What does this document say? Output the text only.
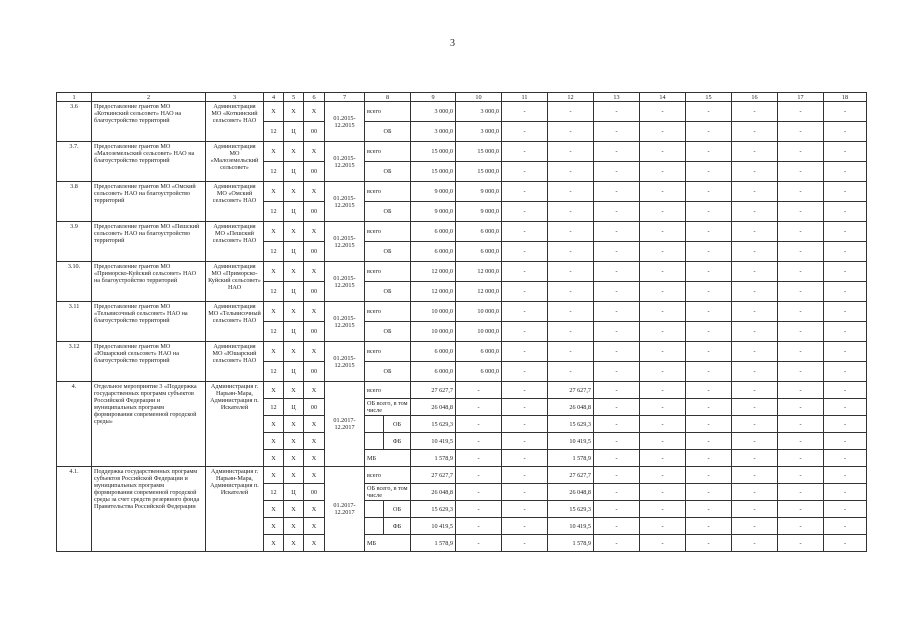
3
1	2	3	4	5	6	7	8	9	10	11	12	13	14	15	16	17	18
3.6	Предоставление грантов МО «Коткинский сельсовет» НАО на благоустройство территорий	Администрация МО «Коткинский сельсовет» НАО	Х	Х	Х	01.2015-12.2015	всего	3 000,0	3 000,0	-	-	-	-	-	-	-	-
			12	Ц	00		ОБ	3 000,0	3 000,0	-	-	-	-	-	-	-	-
3.7.	Предоставление грантов МО «Малоземельский сельсовет» НАО на благоустройство территорий	Администрация МО «Малоземельский сельсовет»	Х	Х	Х	01.2015-12.2015	всего	15 000,0	15 000,0	-	-	-	-	-	-	-	-
			12	Ц	00		ОБ	15 000,0	15 000,0	-	-	-	-	-	-	-	-
3.8	Предоставление грантов МО «Омский сельсовет» НАО на благоустройство территорий	Администрация МО «Омский сельсовет» НАО	Х	Х	Х	01.2015-12.2015	всего	9 000,0	9 000,0	-	-	-	-	-	-	-	-
			12	Ц	00		ОБ	9 000,0	9 000,0	-	-	-	-	-	-	-	-
3.9	Предоставление грантов МО «Пешский сельсовет» НАО на благоустройство территорий	Администрация МО «Пешский сельсовет» НАО	Х	Х	Х	01.2015-12.2015	всего	6 000,0	6 000,0	-	-	-	-	-	-	-	-
			12	Ц	00		ОБ	6 000,0	6 000,0	-	-	-	-	-	-	-	-
3.10.	Предоставление грантов МО «Приморско-Куйский сельсовет» НАО на благоустройство территорий	Администрация МО «Приморско-Куйский сельсовет» НАО	Х	Х	Х	01.2015-12.2015	всего	12 000,0	12 000,0	-	-	-	-	-	-	-	-
			12	Ц	00		ОБ	12 000,0	12 000,0	-	-	-	-	-	-	-	-
3.11	Предоставление грантов МО «Тельвисочный сельсовет» НАО на благоустройство территорий	Администрация МО «Тельвисочный сельсовет» НАО	Х	Х	Х	01.2015-12.2015	всего	10 000,0	10 000,0	-	-	-	-	-	-	-	-
			12	Ц	00		ОБ	10 000,0	10 000,0	-	-	-	-	-	-	-	-
3.12	Предоставление грантов МО «Юшарский сельсовет» НАО на благоустройство территорий	Администрация МО «Юшарский сельсовет» НАО	Х	Х	Х	01.2015-12.2015	всего	6 000,0	6 000,0	-	-	-	-	-	-	-	-
			12	Ц	00		ОБ	6 000,0	6 000,0	-	-	-	-	-	-	-	-
4.	Отдельное мероприятие 3 «Поддержка государственных программ субъектов Российской Федерации и муниципальных программ формирования современной городской среды»	Администрация г. Нарьян-Мара, Администрация п. Искателей	Х	Х	Х	01.2017-12.2017	всего	27 627,7	-	-	27 627,7	-	-	-	-	-	-
			12	Ц	00		ОБ всего, в том числе	26 048,8	-	-	26 048,8	-	-	-	-	-	-
			Х	Х	Х		ОБ	15 629,3	-	-	15 629,3	-	-	-	-	-	-
			Х	Х	Х		ФБ	10 419,5	-	-	10 419,5	-	-	-	-	-	-
			Х	Х	Х		МБ	1 578,9	-	-	1 578,9	-	-	-	-	-	-
4.1.	Поддержка государственных программ субъектов Российской Федерации и муниципальных программ формирования современной городской среды за счет средств резервного фонда Правительства Российской Федерации	Администрация г. Нарьян-Мара, Администрация п. Искателей	Х	Х	Х	01.2017-12.2017	всего	27 627,7	-	-	27 627,7	-	-	-	-	-	-
			12	Ц	00		ОБ всего, в том числе	26 048,8	-	-	26 048,8	-	-	-	-	-	-
			Х	Х	Х		ОБ	15 629,3	-	-	15 629,3	-	-	-	-	-	-
			Х	Х	Х		ФБ	10 419,5	-	-	10 419,5	-	-	-	-	-	-
			Х	Х	Х		МБ	1 578,9	-	-	1 578,9	-	-	-	-	-	-
